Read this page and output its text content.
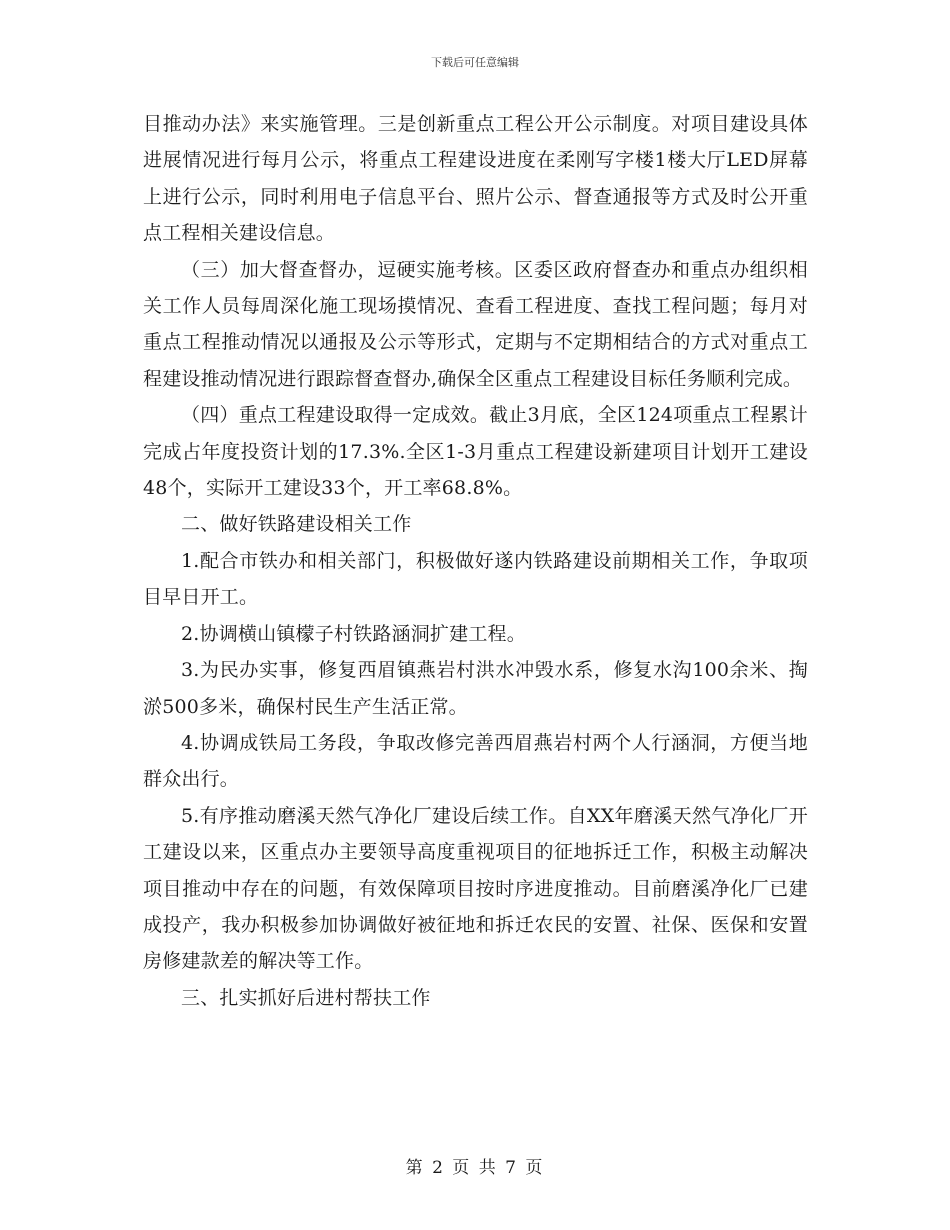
下载后可任意编辑

目推动办法》来实施管理。三是创新重点工程公开公示制度。对项目建设具体进展情况进行每月公示，将重点工程建设进度在柔刚写字楼1楼大厅LED屏幕上进行公示，同时利用电子信息平台、照片公示、督查通报等方式及时公开重点工程相关建设信息。

（三）加大督查督办，逗硬实施考核。区委区政府督查办和重点办组织相关工作人员每周深化施工现场摸情况、查看工程进度、查找工程问题；每月对重点工程推动情况以通报及公示等形式，定期与不定期相结合的方式对重点工程建设推动情况进行跟踪督查督办,确保全区重点工程建设目标任务顺利完成。

（四）重点工程建设取得一定成效。截止3月底，全区124项重点工程累计完成占年度投资计划的17.3%.全区1-3月重点工程建设新建项目计划开工建设48个，实际开工建设33个，开工率68.8%。

二、做好铁路建设相关工作

1.配合市铁办和相关部门，积极做好遂内铁路建设前期相关工作，争取项目早日开工。

2.协调横山镇檬子村铁路涵洞扩建工程。

3.为民办实事，修复西眉镇燕岩村洪水冲毁水系，修复水沟100余米、掏淤500多米，确保村民生产生活正常。

4.协调成铁局工务段，争取改修完善西眉燕岩村两个人行涵洞，方便当地群众出行。

5.有序推动磨溪天然气净化厂建设后续工作。自XX年磨溪天然气净化厂开工建设以来，区重点办主要领导高度重视项目的征地拆迁工作，积极主动解决项目推动中存在的问题，有效保障项目按时序进度推动。目前磨溪净化厂已建成投产，我办积极参加协调做好被征地和拆迁农民的安置、社保、医保和安置房修建款差的解决等工作。

三、扎实抓好后进村帮扶工作

第 2 页 共 7 页
